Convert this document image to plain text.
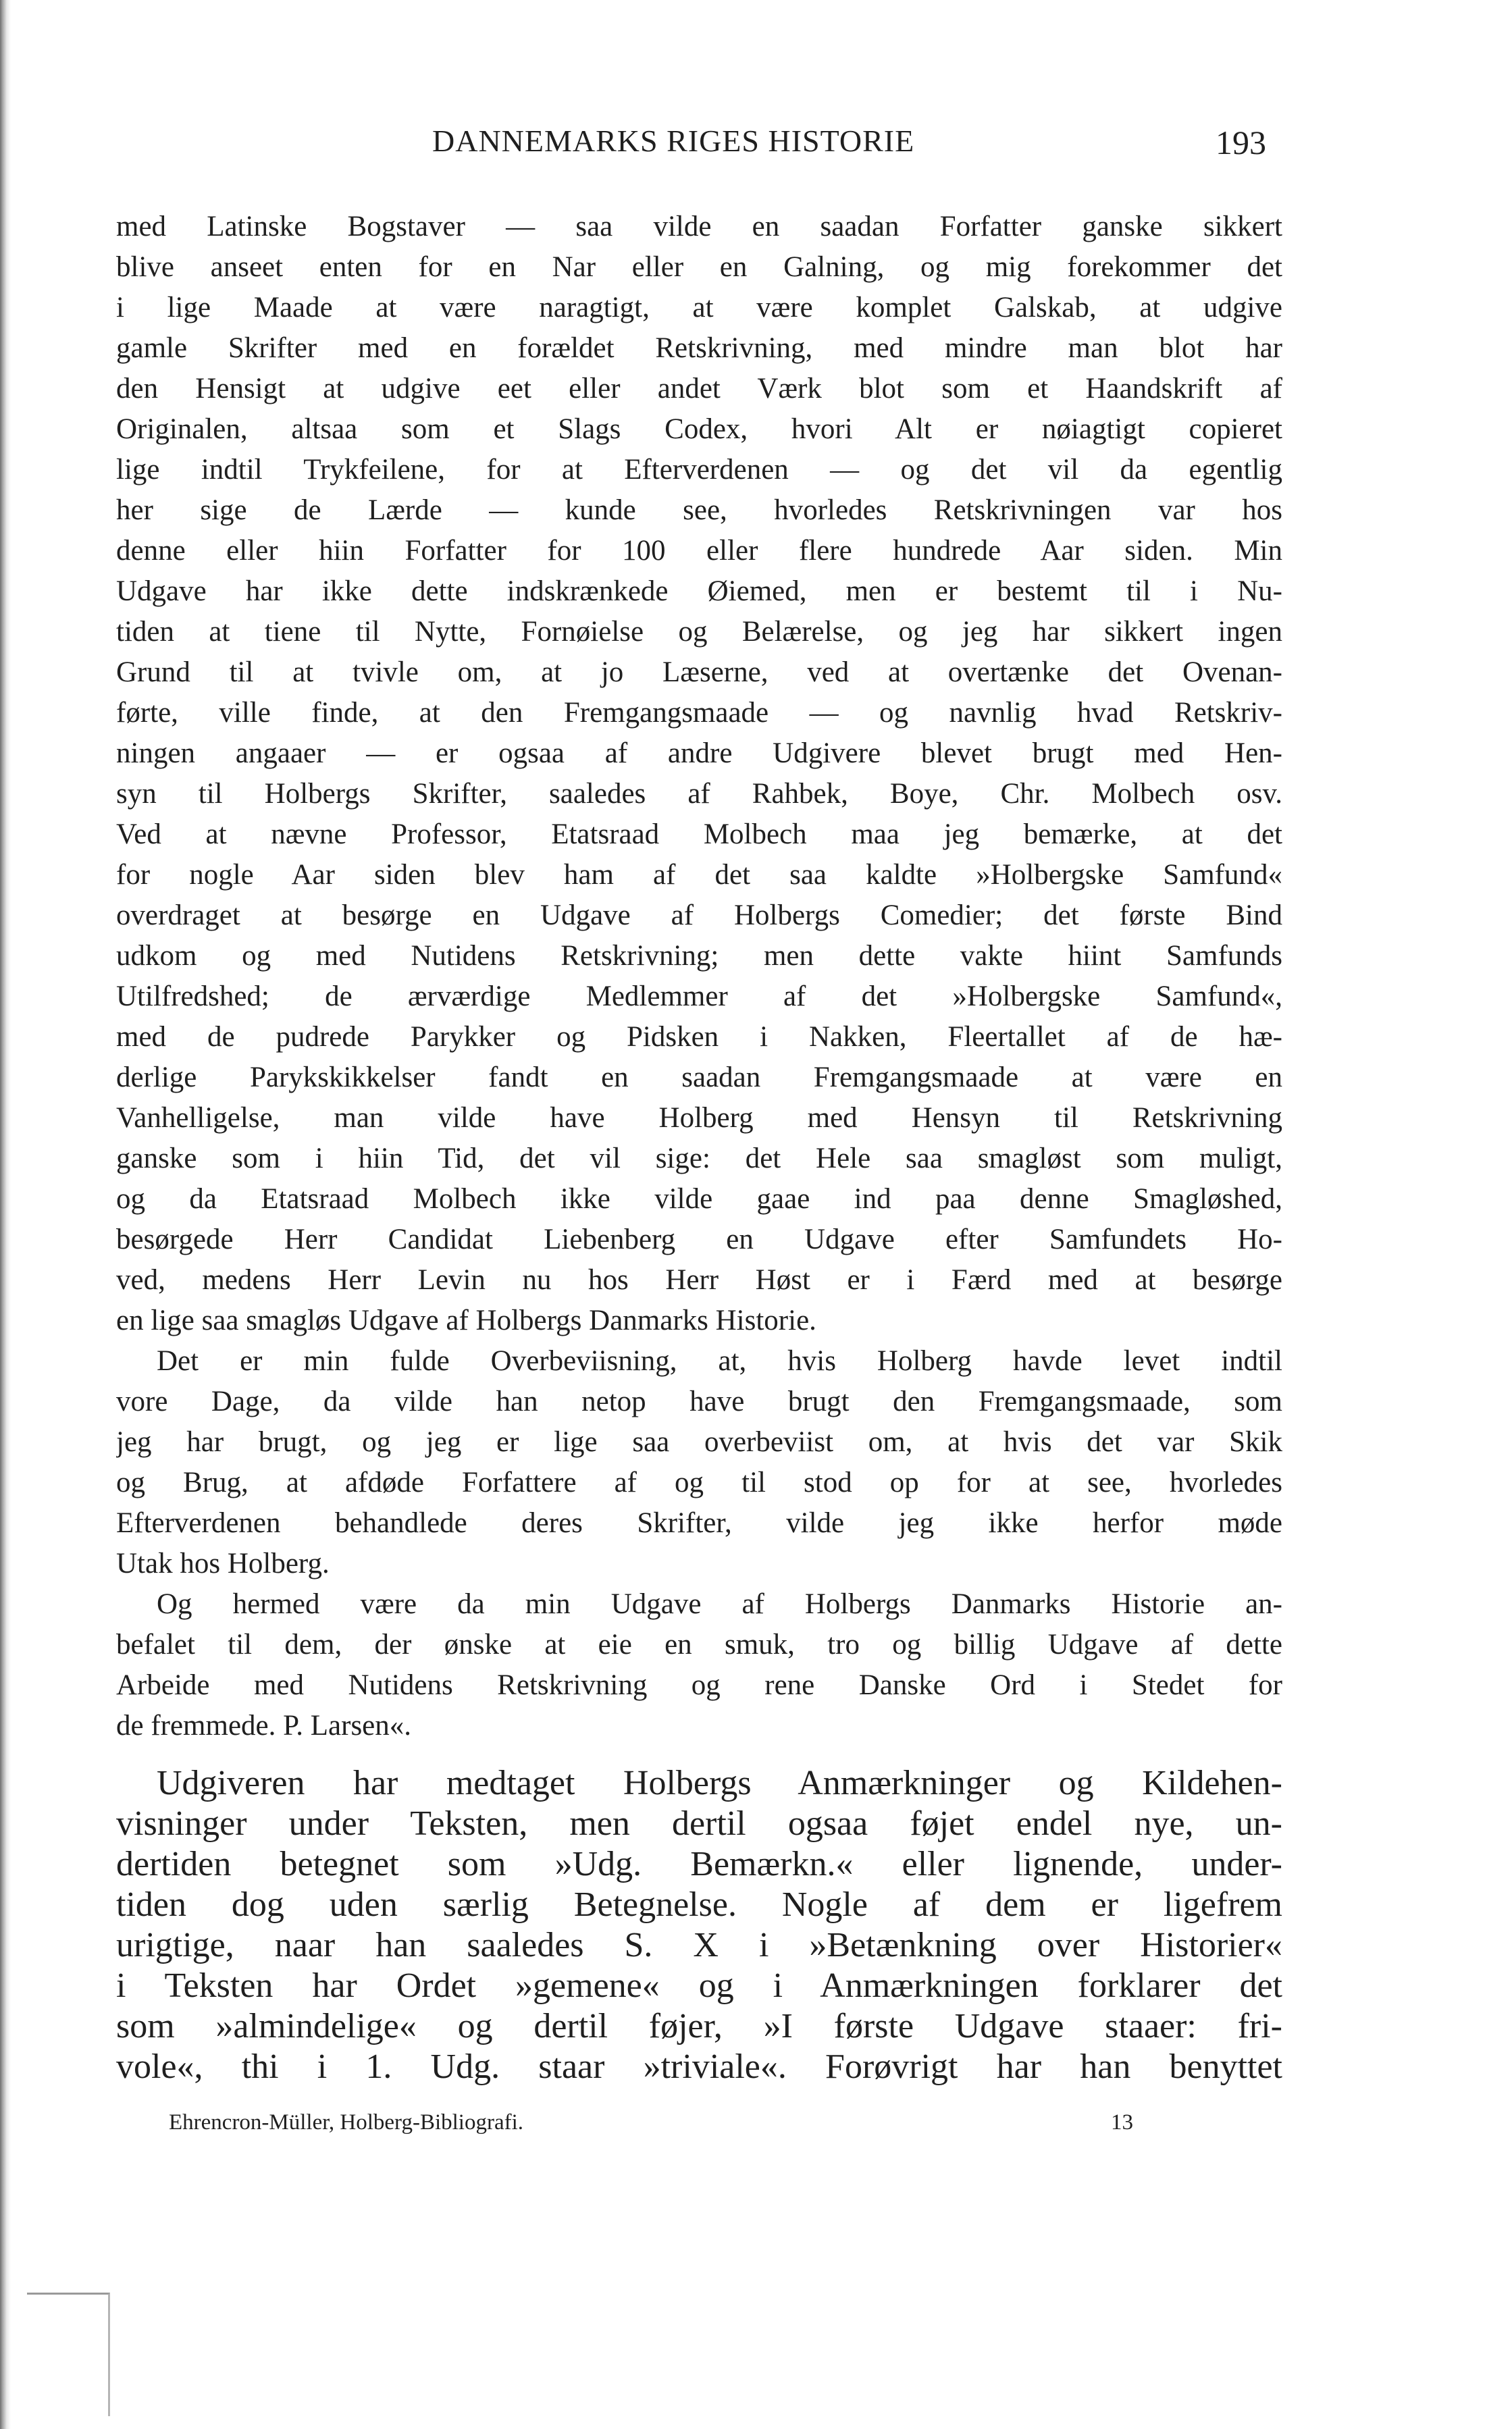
DANNEMARKS RIGES HISTORIE	193
med Latinske Bogstaver — saa vilde en saadan Forfatter ganske sikkert
blive anseet enten for en Nar eller en Galning, og mig forekommer det
i lige Maade at være naragtigt, at være komplet Galskab, at udgive
gamle Skrifter med en forældet Retskrivning, med mindre man blot har
den Hensigt at udgive eet eller andet Værk blot som et Haandskrift af
Originalen, altsaa som et Slags Codex, hvori Alt er nøiagtigt copieret
lige indtil Trykfeilene, for at Efterverdenen — og det vil da egentlig
her sige de Lærde — kunde see, hvorledes Retskrivningen var hos
denne eller hiin Forfatter for 100 eller flere hundrede Aar siden. Min
Udgave har ikke dette indskrænkede Øiemed, men er bestemt til i Nu-
tiden at tiene til Nytte, Fornøielse og Belærelse, og jeg har sikkert ingen
Grund til at tvivle om, at jo Læserne, ved at overtænke det Ovenan-
førte, ville finde, at den Fremgangsmaade — og navnlig hvad Retskriv-
ningen angaaer — er ogsaa af andre Udgivere blevet brugt med Hen-
syn til Holbergs Skrifter, saaledes af Rahbek, Boye, Chr. Molbech osv.
Ved at nævne Professor, Etatsraad Molbech maa jeg bemærke, at det
for nogle Aar siden blev ham af det saa kaldte »Holbergske Samfund«
overdraget at besørge en Udgave af Holbergs Comedier; det første Bind
udkom og med Nutidens Retskrivning; men dette vakte hiint Samfunds
Utilfredshed; de ærværdige Medlemmer af det »Holbergske Samfund«,
med de pudrede Parykker og Pidsken i Nakken, Fleertallet af de hæ-
derlige Parykskikkelser fandt en saadan Fremgangsmaade at være en
Vanhelligelse, man vilde have Holberg med Hensyn til Retskrivning
ganske som i hiin Tid, det vil sige: det Hele saa smagløst som muligt,
og da Etatsraad Molbech ikke vilde gaae ind paa denne Smagløshed,
besørgede Herr Candidat Liebenberg en Udgave efter Samfundets Ho-
ved, medens Herr Levin nu hos Herr Høst er i Færd med at besørge
en lige saa smagløs Udgave af Holbergs Danmarks Historie.
Det er min fulde Overbeviisning, at, hvis Holberg havde levet indtil
vore Dage, da vilde han netop have brugt den Fremgangsmaade, som
jeg har brugt, og jeg er lige saa overbeviist om, at hvis det var Skik
og Brug, at afdøde Forfattere af og til stod op for at see, hvorledes
Efterverdenen behandlede deres Skrifter, vilde jeg ikke herfor møde
Utak hos Holberg.
Og hermed være da min Udgave af Holbergs Danmarks Historie an-
befalet til dem, der ønske at eie en smuk, tro og billig Udgave af dette
Arbeide med Nutidens Retskrivning og rene Danske Ord i Stedet for
de fremmede. P. Larsen«.
Udgiveren har medtaget Holbergs Anmærkninger og Kildehen-
visninger under Teksten, men dertil ogsaa føjet endel nye, un-
dertiden betegnet som »Udg. Bemærkn.« eller lignende, under-
tiden dog uden særlig Betegnelse. Nogle af dem er ligefrem
urigtige, naar han saaledes S. X i »Betænkning over Historier«
i Teksten har Ordet »gemene« og i Anmærkningen forklarer det
som »almindelige« og dertil føjer, »I første Udgave staaer: fri-
vole«, thi i 1. Udg. staar »triviale«. Forøvrigt har han benyttet
Ehrencron-Müller, Holberg-Bibliografi.	13
